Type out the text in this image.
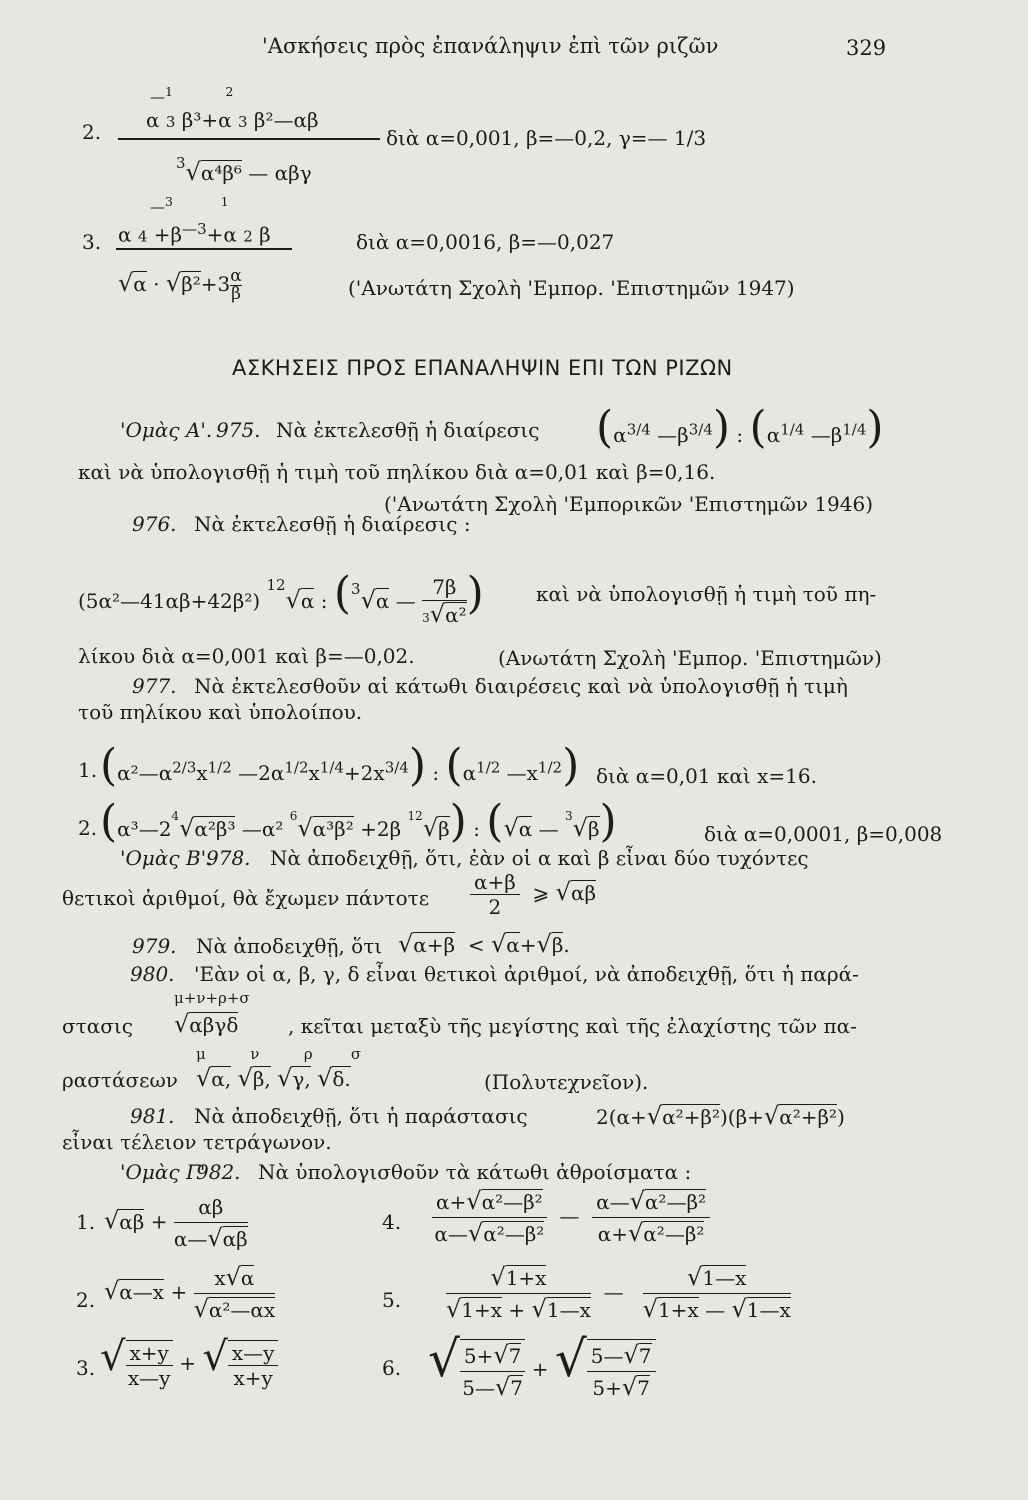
'Ασκήσεις πρὸς ἐπανάληψιν ἐπὶ τῶν ριζῶν	329
2.
—$^1$	$^2$
α 3 β³+α 3 β²—αβ
$^3$√α⁴β⁶ — αβγ
διὰ α=0,001, β=—0,2, γ=— 1/3
3.
—$^3$	$^1$
α $4 +\beta^{—3}+\alpha$ 2 β
$√\alpha \cdot √\beta^2+3 \frac{\alpha}{\beta}$
διὰ α=0,0016, β=—0,027
('Ανωτάτη Σχολὴ 'Εμπορ. 'Επιστημῶν 1947)
ΑΣΚΗΣΕΙΣ ΠΡΟΣ ΕΠΑΝΑΛΗΨΙΝ ΕΠΙ ΤΩΝ ΡΙΖΩΝ
'Ομὰς Α'. 975. Νὰ ἐκτελεσθῇ ἡ διαίρεσις ($\alpha^{3/4}$ $—\beta^{3/4}$) : ($\alpha^{1/4}$ $—\beta^{1/4}$)
καὶ νὰ ὑπολογισθῇ ἡ τιμὴ τοῦ πηλίκου διὰ α=0,01 καὶ β=0,16.
('Ανωτάτη Σχολὴ 'Εμπορικῶν 'Επιστημῶν 1946)
976. Νὰ ἐκτελεσθῇ ἡ διαίρεσις :
(5α²—41αβ+42β²) $^{12}$√α : ($^3$√α — $\frac{7\beta}{\text{3√α²}}$ )	καὶ νὰ ὑπολογισθῇ ἡ τιμὴ τοῦ πη-
λίκου διὰ α=0,001 καὶ β=—0,02.	(Ανωτάτη Σχολὴ 'Εμπορ. 'Επιστημῶν)
977. Νὰ ἐκτελεσθοῦν αἱ κάτωθι διαιρέσεις καὶ νὰ ὑπολογισθῇ ἡ τιμὴ
τοῦ πηλίκου καὶ ὑπολοίπου.
1. ($\alpha^2—\alpha^{2/3}x^{1/2}$ $—2\alpha^{1/2}x^{1/4}+2x^{3/4}$) : ($\alpha^{1/2}$ $—x^{1/2}$) διὰ α=0,01 καὶ x=16.
2. ($\alpha^3—2^4√\alpha^2\beta^3$ —α² $^6$√α³β² +2β $^{12}$√β) : (√α — $^3$√β)	διὰ α=0,0001, β=0,008
'Ομὰς Β'.
978. Νὰ ἀποδειχθῇ, ὅτι, ἐὰν οἱ α καὶ β εἶναι δύο τυχόντες
θετικοὶ ἀριθμοί, θὰ ἔχωμεν πάντοτε $\frac{\alpha+\beta}{2}$ ⩾ √αβ
979. Νὰ ἀποδειχθῇ, ὅτι √α+β  < √α+√β.
980. 'Εὰν οἱ α, β, γ, δ εἶναι θετικοὶ ἀριθμοί, νὰ ἀποδειχθῇ, ὅτι ἡ παρά-
στασις
μ+ν+ρ+σ
√αβγδ	, κεῖται μεταξὺ τῆς μεγίστης καὶ τῆς ἐλαχίστης τῶν πα-
ραστάσεων
μ	ν	ρ	σ
√α, √β, √γ, √δ.	(Πολυτεχνεῖον).
981. Νὰ ἀποδειχθῇ, ὅτι ἡ παράστασις	2(α+√α²+β²)(β+√α²+β²)
εἶναι τέλειον τετράγωνον.
'Ομὰς Γ'
982. Νὰ ὑπολογισθοῦν τὰ κάτωθι ἀθροίσματα :
1. $√\alpha\beta + \frac{\alpha\beta}{\alpha—√\alpha\beta}$	4. $\frac{\text{α+√α²—β²}}{\text{α—√α²—β²}}$ — $\frac{\text{α—√α²—β²}}{\text{α+√α²—β²}}$
2. √α—x + $\frac{x√\alpha}{\text{√α²—αx}}$	5. $\frac{√1+x}{√1+x + √1—x}$ — $\frac{√1—x}{√1+x — √1—x}$
3. √ $\frac{x+y}{x—y}$ + √ $\frac{x—y}{x+y}$	6. √ $\frac{5+√7}{5—√7}$ + √ $\frac{5—√7}{5+√7}$
